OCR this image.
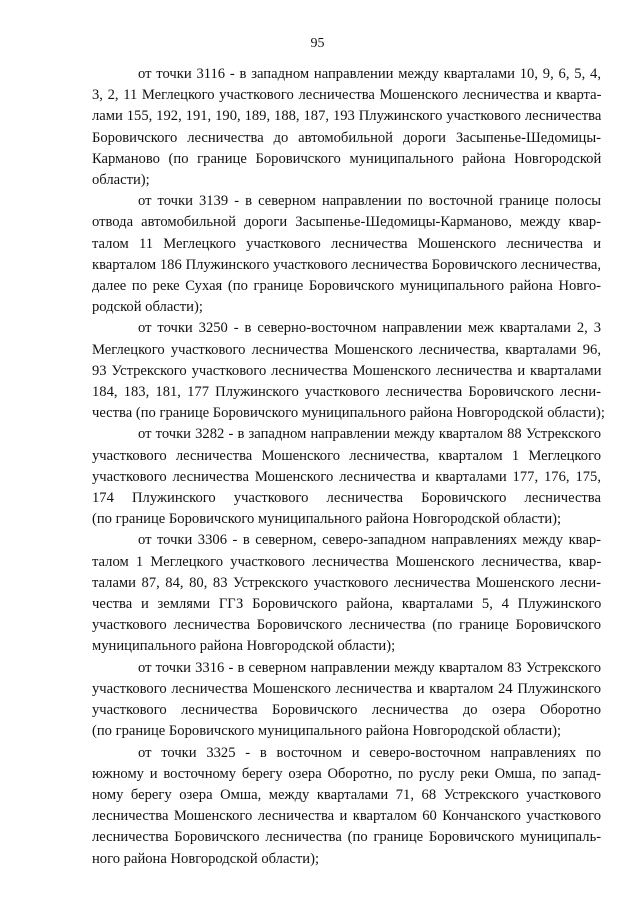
95

от точки 3116 - в западном направлении между кварталами 10, 9, 6, 5, 4,
3, 2, 11 Меглецкого участкового лесничества Мошенского лесничества и кварта-
лами 155, 192, 191, 190, 189, 188, 187, 193 Плужинского участкового лесничества
Боровичского лесничества до автомобильной дороги Засыпенье-Шедомицы-
Карманово (по границе Боровичского муниципального района Новгородской
области);

от точки 3139 - в северном направлении по восточной границе полосы
отвода автомобильной дороги Засыпенье-Шедомицы-Карманово, между квар-
талом 11 Меглецкого участкового лесничества Мошенского лесничества и
кварталом 186 Плужинского участкового лесничества Боровичского лесничества,
далее по реке Сухая (по границе Боровичского муниципального района Новго-
родской области);

от точки 3250 - в северно-восточном направлении меж кварталами 2, 3
Меглецкого участкового лесничества Мошенского лесничества, кварталами 96,
93 Устрекского участкового лесничества Мошенского лесничества и кварталами
184, 183, 181, 177 Плужинского участкового лесничества Боровичского лесни-
чества (по границе Боровичского муниципального района Новгородской области);

от точки 3282 - в западном направлении между кварталом 88 Устрекского
участкового лесничества Мошенского лесничества, кварталом 1 Меглецкого
участкового лесничества Мошенского лесничества и кварталами 177, 176, 175,
174 Плужинского участкового лесничества Боровичского лесничества
(по границе Боровичского муниципального района Новгородской области);

от точки 3306 - в северном, северо-западном направлениях между квар-
талом 1 Меглецкого участкового лесничества Мошенского лесничества, квар-
талами 87, 84, 80, 83 Устрекского участкового лесничества Мошенского лесни-
чества и землями ГГЗ Боровичского района, кварталами 5, 4 Плужинского
участкового лесничества Боровичского лесничества (по границе Боровичского
муниципального района Новгородской области);

от точки 3316 - в северном направлении между кварталом 83 Устрекского
участкового лесничества Мошенского лесничества и кварталом 24 Плужинского
участкового лесничества Боровичского лесничества до озера Оборотно
(по границе Боровичского муниципального района Новгородской области);

от точки 3325 - в восточном и северо-восточном направлениях по
южному и восточному берегу озера Оборотно, по руслу реки Омша, по запад-
ному берегу озера Омша, между кварталами 71, 68 Устрекского участкового
лесничества Мошенского лесничества и кварталом 60 Кончанского участкового
лесничества Боровичского лесничества (по границе Боровичского муниципаль-
ного района Новгородской области);
